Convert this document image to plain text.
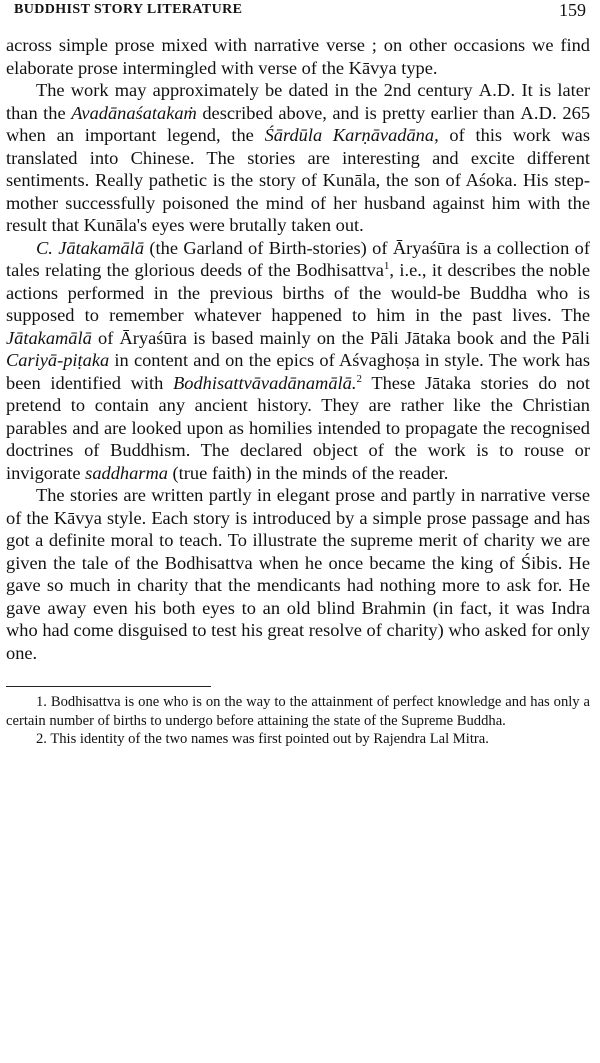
BUDDHIST STORY LITERATURE	159

across simple prose mixed with narrative verse ; on other occasions we find elaborate prose intermingled with verse of the Kāvya type.

The work may approximately be dated in the 2nd century A.D. It is later than the Avadānaśatakaṁ described above, and is pretty earlier than A.D. 265 when an important legend, the Śārdūla Karṇāvadāna, of this work was translated into Chinese. The stories are interesting and excite different sentiments. Really pathetic is the story of Kunāla, the son of Aśoka. His step-mother successfully poisoned the mind of her husband against him with the result that Kunāla's eyes were brutally taken out.

C. Jātakamālā (the Garland of Birth-stories) of Āryaśūra is a collection of tales relating the glorious deeds of the Bodhisattva$^1$, i.e., it describes the noble actions performed in the previous births of the would-be Buddha who is supposed to remember whatever happened to him in the past lives. The Jātakamālā of Āryaśūra is based mainly on the Pāli Jātaka book and the Pāli Cariyā-piṭaka in content and on the epics of Aśvaghoṣa in style. The work has been identified with Bodhisattvāvadānamālā.$^2$ These Jātaka stories do not pretend to contain any ancient history. They are rather like the Christian parables and are looked upon as homilies intended to propagate the recognised doctrines of Buddhism. The declared object of the work is to rouse or invigorate saddharma (true faith) in the minds of the reader.

The stories are written partly in elegant prose and partly in narrative verse of the Kāvya style. Each story is introduced by a simple prose passage and has got a definite moral to teach. To illustrate the supreme merit of charity we are given the tale of the Bodhisattva when he once became the king of Śibis. He gave so much in charity that the mendicants had nothing more to ask for. He gave away even his both eyes to an old blind Brahmin (in fact, it was Indra who had come disguised to test his great resolve of charity) who asked for only one.

1. Bodhisattva is one who is on the way to the attainment of perfect knowledge and has only a certain number of births to undergo before attaining the state of the Supreme Buddha.

2. This identity of the two names was first pointed out by Rajendra Lal Mitra.
